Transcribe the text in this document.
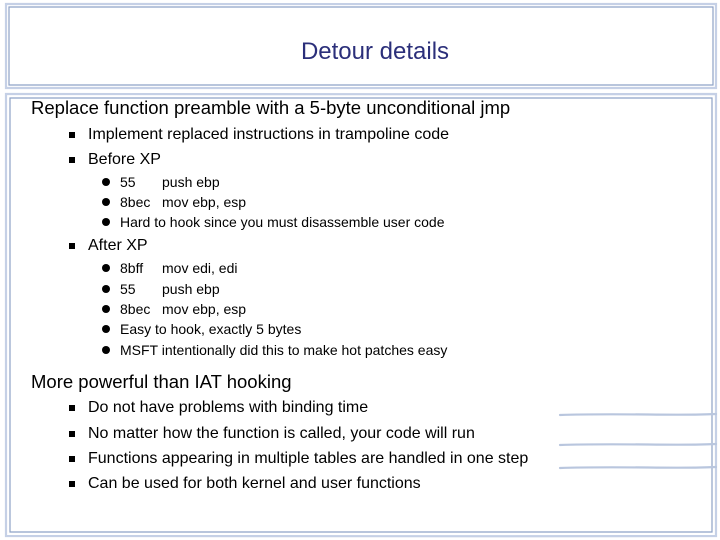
Detour details
Replace function preamble with a 5-byte unconditional jmp
Implement replaced instructions in trampoline code
Before XP
55 push ebp
8bec mov ebp, esp
Hard to hook since you must disassemble user code
After XP
8bff mov edi, edi
55 push ebp
8bec mov ebp, esp
Easy to hook, exactly 5 bytes
MSFT intentionally did this to make hot patches easy
More powerful than IAT hooking
Do not have problems with binding time
No matter how the function is called, your code will run
Functions appearing in multiple tables are handled in one step
Can be used for both kernel and user functions
